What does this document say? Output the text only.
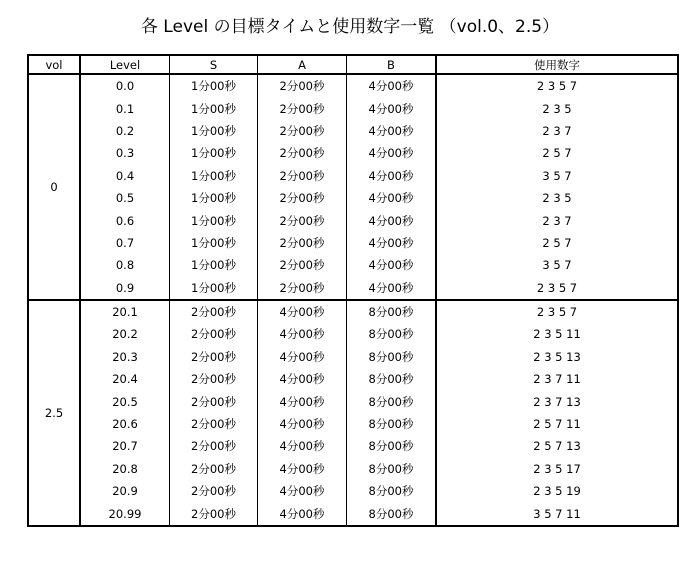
各 Level の目標タイムと使用数字一覧 （vol.0、2.5）
vol	Level	S	A	B	使用数字
0	0.0	1分00秒	2分00秒	4分00秒	2 3 5 7
	0.1	1分00秒	2分00秒	4分00秒	2 3 5
	0.2	1分00秒	2分00秒	4分00秒	2 3 7
	0.3	1分00秒	2分00秒	4分00秒	2 5 7
	0.4	1分00秒	2分00秒	4分00秒	3 5 7
	0.5	1分00秒	2分00秒	4分00秒	2 3 5
	0.6	1分00秒	2分00秒	4分00秒	2 3 7
	0.7	1分00秒	2分00秒	4分00秒	2 5 7
	0.8	1分00秒	2分00秒	4分00秒	3 5 7
	0.9	1分00秒	2分00秒	4分00秒	2 3 5 7
2.5	20.1	2分00秒	4分00秒	8分00秒	2 3 5 7
	20.2	2分00秒	4分00秒	8分00秒	2 3 5 11
	20.3	2分00秒	4分00秒	8分00秒	2 3 5 13
	20.4	2分00秒	4分00秒	8分00秒	2 3 7 11
	20.5	2分00秒	4分00秒	8分00秒	2 3 7 13
	20.6	2分00秒	4分00秒	8分00秒	2 5 7 11
	20.7	2分00秒	4分00秒	8分00秒	2 5 7 13
	20.8	2分00秒	4分00秒	8分00秒	2 3 5 17
	20.9	2分00秒	4分00秒	8分00秒	2 3 5 19
	20.99	2分00秒	4分00秒	8分00秒	3 5 7 11
